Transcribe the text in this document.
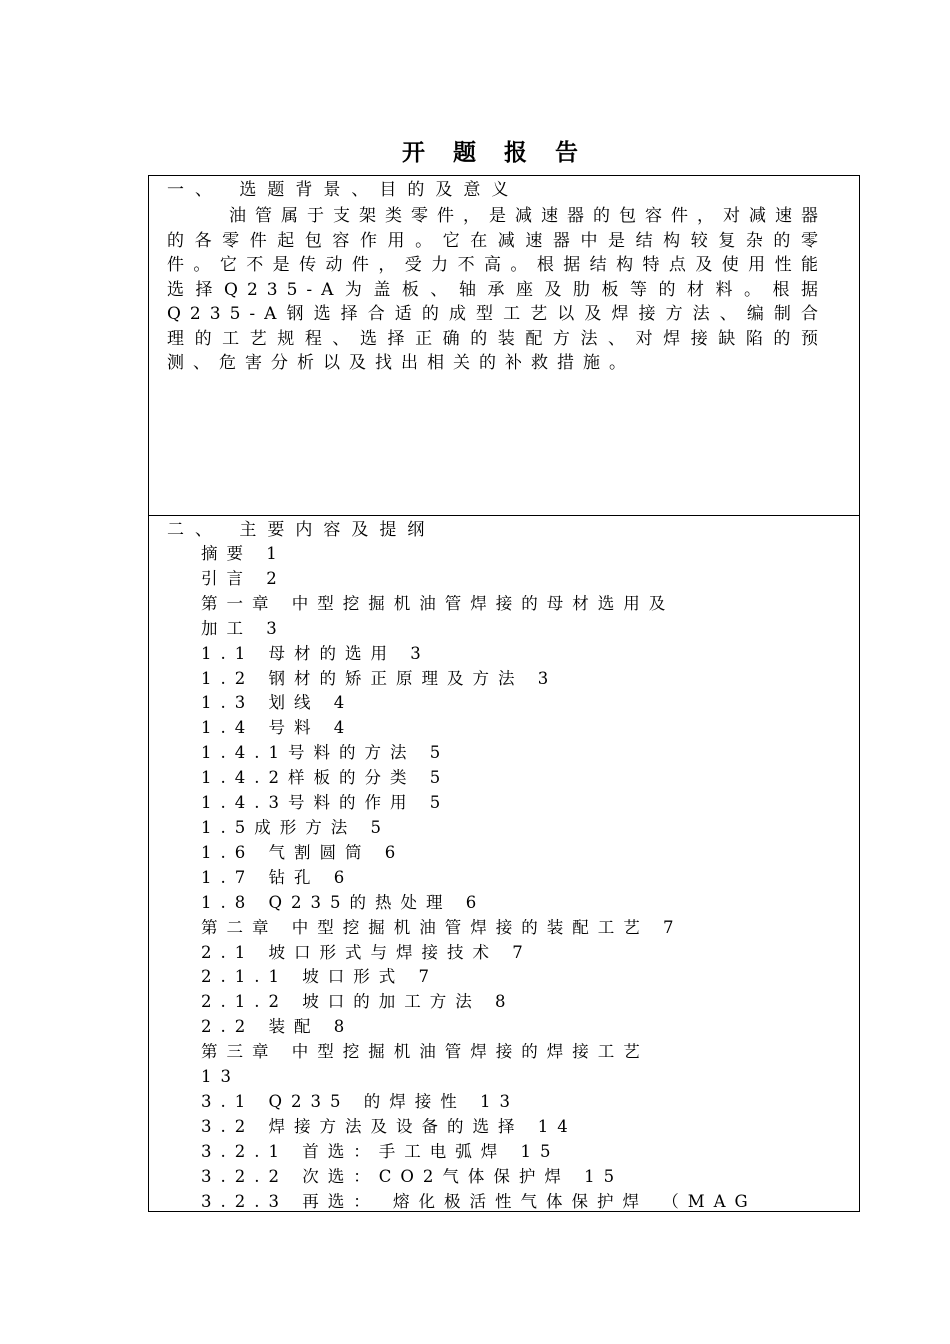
开 题 报 告
一、 选题背景、目的及意义
油管属于支架类零件，是减速器的包容件，对减速器的各零件起包容作用。它在减速器中是结构较复杂的零件。它不是传动件，受力不高。根据结构特点及使用性能选择Q235-A为盖板、轴承座及肋板等的材料。根据Q235-A钢选择合适的成型工艺以及焊接方法、编制合理的工艺规程、选择正确的装配方法、对焊接缺陷的预测、危害分析以及找出相关的补救措施。
二、 主要内容及提纲
摘要 1
引言 2
第一章 中型挖掘机油管焊接的母材选用及
加工 3
1.1 母材的选用 3
1.2 钢材的矫正原理及方法 3
1.3 划线 4
1.4 号料 4
1.4.1号料的方法 5
1.4.2样板的分类 5
1.4.3号料的作用 5
1.5成形方法 5
1.6 气割圆筒 6
1.7 钻孔 6
1.8 Q235的热处理 6
第二章 中型挖掘机油管焊接的装配工艺 7
2.1 坡口形式与焊接技术 7
2.1.1 坡口形式 7
2.1.2 坡口的加工方法 8
2.2 装配 8
第三章 中型挖掘机油管焊接的焊接工艺
13
3.1 Q235 的焊接性 13
3.2 焊接方法及设备的选择 14
3.2.1 首选：手工电弧焊 15
3.2.2 次选：CO2气体保护焊 15
3.2.3 再选： 熔化极活性气体保护焊 （MAG
